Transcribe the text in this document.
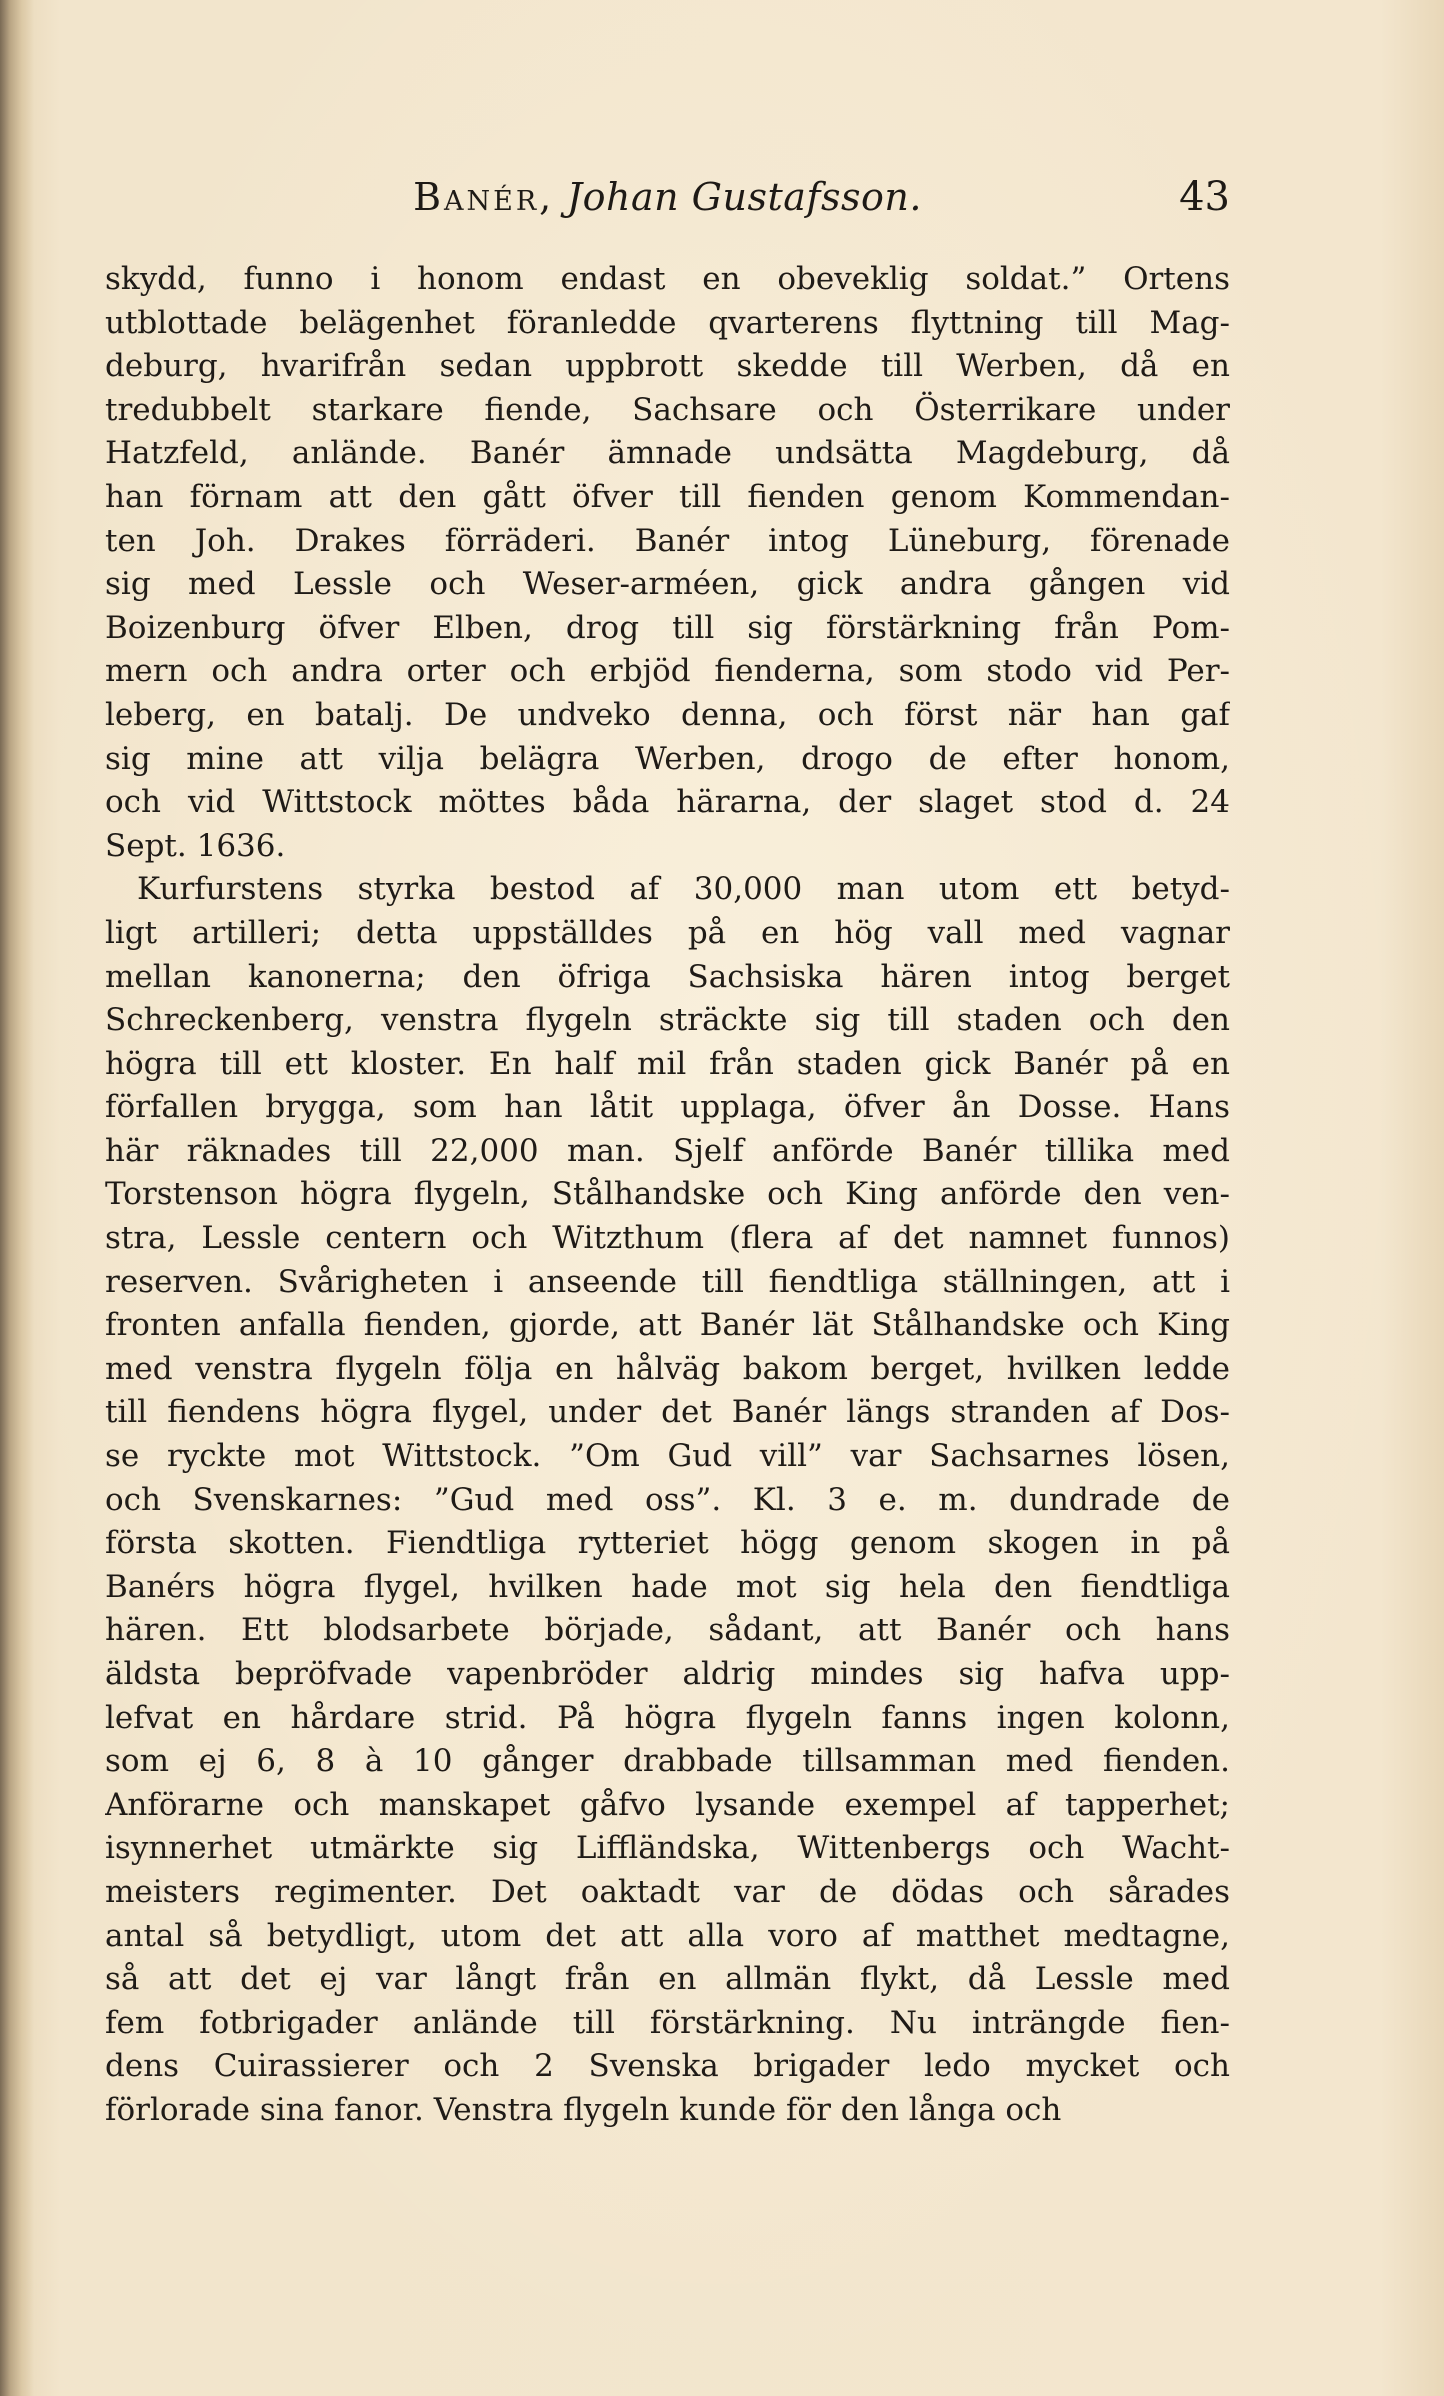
Banér, Johan Gustafsson.	43
skydd, funno i honom endast en obeveklig soldat.” Ortens
utblottade belägenhet föranledde qvarterens flyttning till Mag-
deburg, hvarifrån sedan uppbrott skedde till Werben, då en
tredubbelt starkare fiende, Sachsare och Österrikare under
Hatzfeld, anlände. Banér ämnade undsätta Magdeburg, då
han förnam att den gått öfver till fienden genom Kommendan-
ten Joh. Drakes förräderi. Banér intog Lüneburg, förenade
sig med Lessle och Weser-arméen, gick andra gången vid
Boizenburg öfver Elben, drog till sig förstärkning från Pom-
mern och andra orter och erbjöd fienderna, som stodo vid Per-
leberg, en batalj. De undveko denna, och först när han gaf
sig mine att vilja belägra Werben, drogo de efter honom,
och vid Wittstock möttes båda härarna, der slaget stod d. 24
Sept. 1636.
Kurfurstens styrka bestod af 30,000 man utom ett betyd-
ligt artilleri; detta uppställdes på en hög vall med vagnar
mellan kanonerna; den öfriga Sachsiska hären intog berget
Schreckenberg, venstra flygeln sträckte sig till staden och den
högra till ett kloster. En half mil från staden gick Banér på en
förfallen brygga, som han låtit upplaga, öfver ån Dosse. Hans
här räknades till 22,000 man. Sjelf anförde Banér tillika med
Torstenson högra flygeln, Stålhandske och King anförde den ven-
stra, Lessle centern och Witzthum (flera af det namnet funnos)
reserven. Svårigheten i anseende till fiendtliga ställningen, att i
fronten anfalla fienden, gjorde, att Banér lät Stålhandske och King
med venstra flygeln följa en hålväg bakom berget, hvilken ledde
till fiendens högra flygel, under det Banér längs stranden af Dos-
se ryckte mot Wittstock. ”Om Gud vill” var Sachsarnes lösen,
och Svenskarnes: ”Gud med oss”. Kl. 3 e. m. dundrade de
första skotten. Fiendtliga rytteriet högg genom skogen in på
Banérs högra flygel, hvilken hade mot sig hela den fiendtliga
hären. Ett blodsarbete började, sådant, att Banér och hans
äldsta bepröfvade vapenbröder aldrig mindes sig hafva upp-
lefvat en hårdare strid. På högra flygeln fanns ingen kolonn,
som ej 6, 8 à 10 gånger drabbade tillsamman med fienden.
Anförarne och manskapet gåfvo lysande exempel af tapperhet;
isynnerhet utmärkte sig Liffländska, Wittenbergs och Wacht-
meisters regimenter. Det oaktadt var de dödas och sårades
antal så betydligt, utom det att alla voro af matthet medtagne,
så att det ej var långt från en allmän flykt, då Lessle med
fem fotbrigader anlände till förstärkning. Nu inträngde fien-
dens Cuirassierer och 2 Svenska brigader ledo mycket och
förlorade sina fanor. Venstra flygeln kunde för den långa och
